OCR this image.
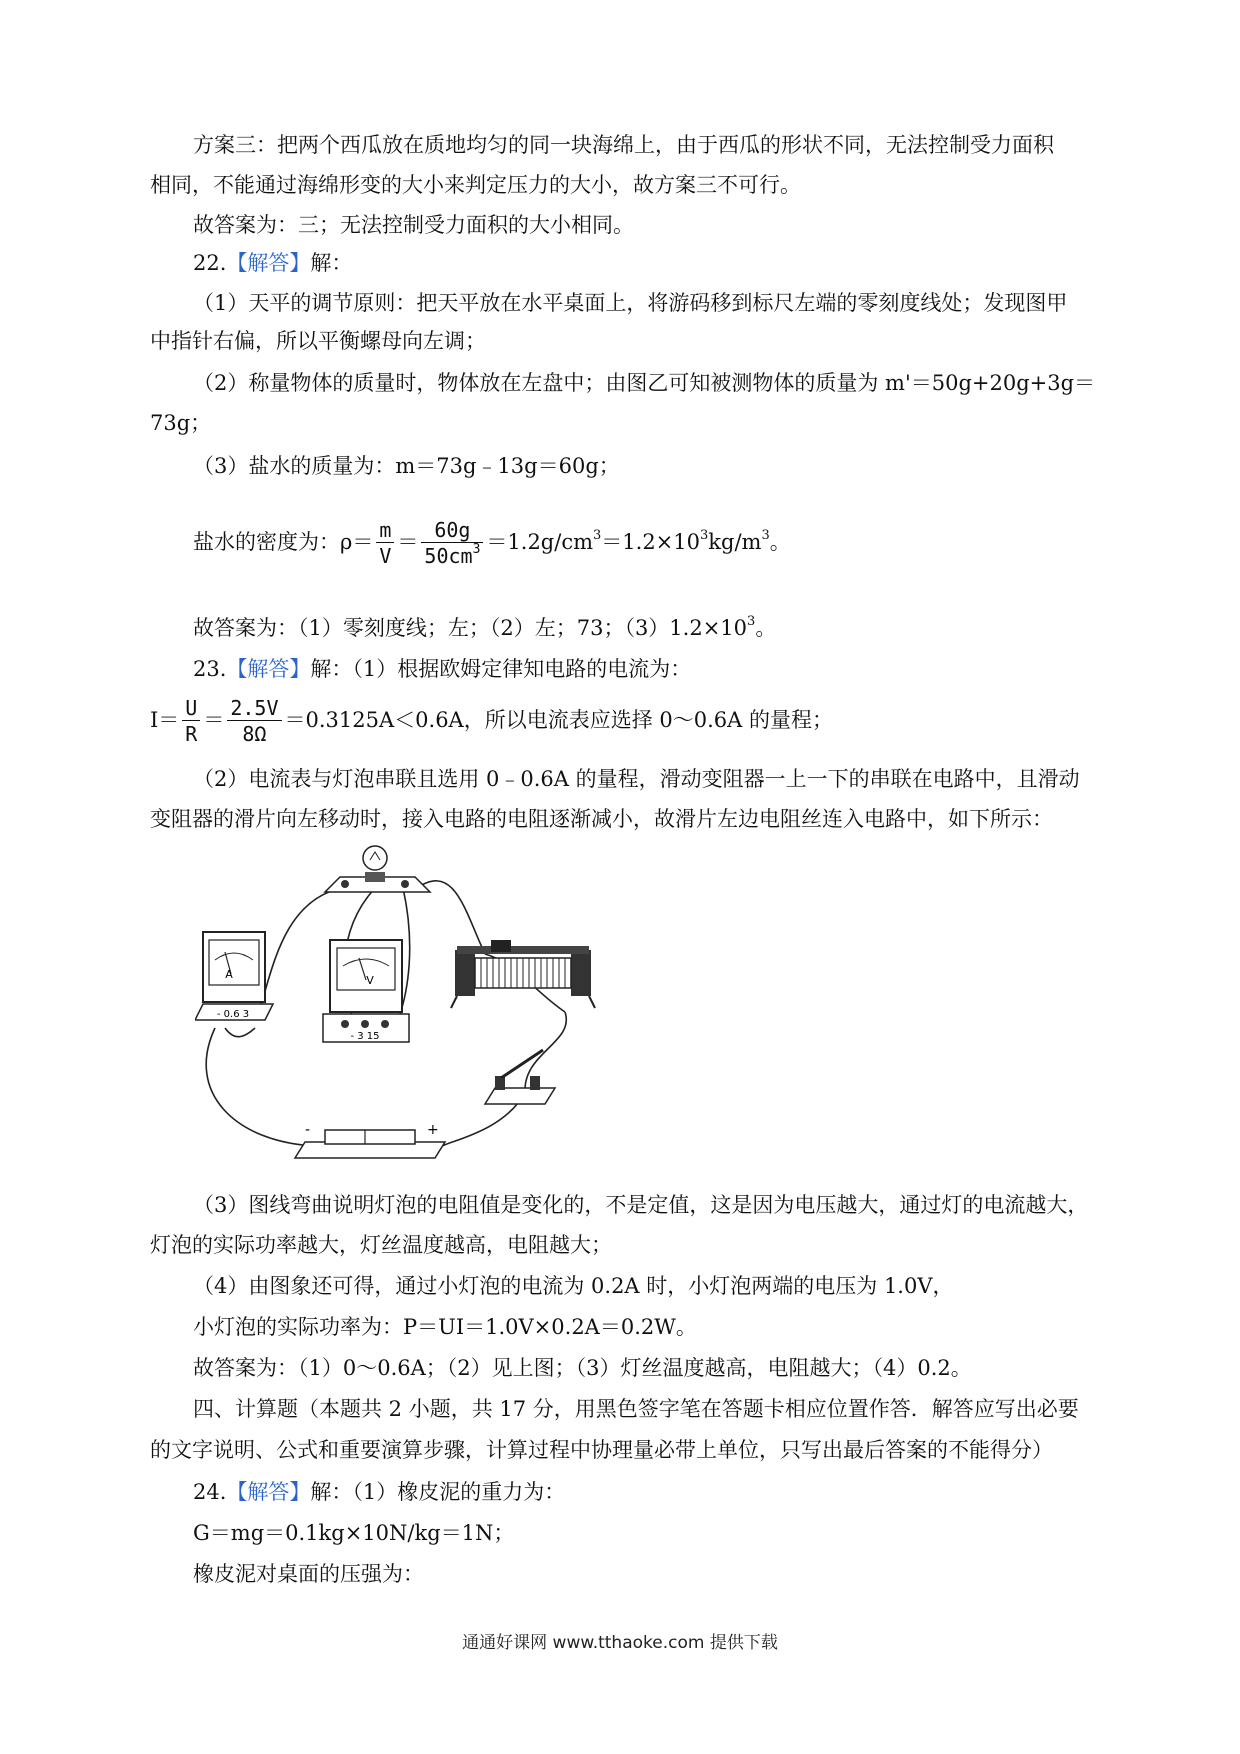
方案三：把两个西瓜放在质地均匀的同一块海绵上，由于西瓜的形状不同，无法控制受力面积
相同，不能通过海绵形变的大小来判定压力的大小，故方案三不可行。
故答案为：三；无法控制受力面积的大小相同。
22.【解答】解：
（1）天平的调节原则：把天平放在水平桌面上，将游码移到标尺左端的零刻度线处；发现图甲
中指针右偏，所以平衡螺母向左调；
（2）称量物体的质量时，物体放在左盘中；由图乙可知被测物体的质量为 m'＝50g+20g+3g＝
73g；
（3）盐水的质量为：m＝73g﹣13g＝60g；
盐水的密度为：$\rho= \frac{m}{V} = \frac{60g}{50cm^3} =1.2g/cm^3=1.2\times 10^3kg/m^3$。
故答案为：（1）零刻度线；左；（2）左；73；$(3)1.2\times 10^3$。
23.【解答】解：（1）根据欧姆定律知电路的电流为：
$I= \frac{U}{R} = \frac{2.5V}{8\Omega} =0.3125A<0.6A$，所以电流表应选择 0～0.6A 的量程；
（2）电流表与灯泡串联且选用 0﹣0.6A 的量程，滑动变阻器一上一下的串联在电路中，且滑动
变阻器的滑片向左移动时，接入电路的电阻逐渐减小，故滑片左边电阻丝连入电路中，如下所示：
A
- 0.6 3
V
- 3 15
-	+
（3）图线弯曲说明灯泡的电阻值是变化的，不是定值，这是因为电压越大，通过灯的电流越大，
灯泡的实际功率越大，灯丝温度越高，电阻越大；
（4）由图象还可得，通过小灯泡的电流为 0.2A 时，小灯泡两端的电压为 1.0V，
小灯泡的实际功率为：P＝UI＝1.0V×0.2A＝0.2W。
故答案为：（1）0～0.6A；（2）见上图；（3）灯丝温度越高，电阻越大；（4）0.2。
四、计算题（本题共 2 小题，共 17 分，用黑色签字笔在答题卡相应位置作答．解答应写出必要
的文字说明、公式和重要演算步骤，计算过程中协理量必带上单位，只写出最后答案的不能得分）
24.【解答】解：（1）橡皮泥的重力为：
G＝mg＝0.1kg×10N/kg＝1N；
橡皮泥对桌面的压强为：
通通好课网 www.tthaoke.com 提供下载
